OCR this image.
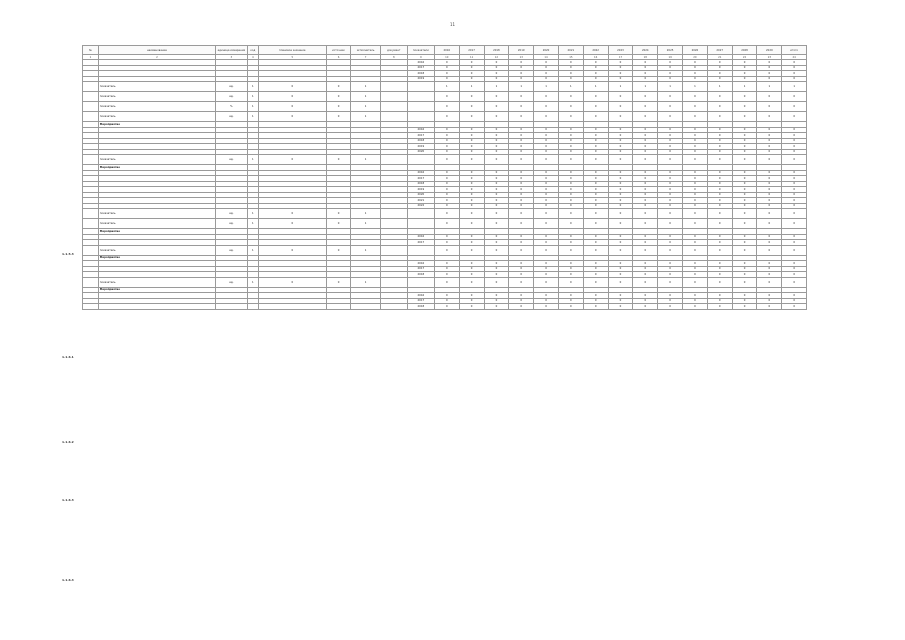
11
1.1.5.3
1.1.6.1
1.1.6.2
1.1.6.3
1.1.6.4
№	наименование	единица измерения	код	плановое значение	источник	исполнитель	документ	показатели	2016	2017	2018	2019	2020	2021	2022	2023	2024	2025	2026	2027	2028	2029	итого
1	2	3	4	5	6	7	8	9	10	11	12	13	14	15	16	17	18	19	20	21	22	23	24
								2016	0	0	0	0	0	0	0	0	0	0	0	0	0	0	0
								2017	0	0	0	0	0	0	0	0	0	0	0	0	0	0	0
								2018	0	0	0	0	0	0	0	0	0	0	0	0	0	0	0
								2019	0	0	0	0	0	0	0	0	0	0	0	0	0	0	0
	показатель	ед.	1	0	0	1			1	1	1	1	1	1	1	1	1	1	1	1	1	1	1
	показатель	ед.	1	0	0	1			0	0	0	0	0	0	0	0	0	0	0	0	0	0	0
	показатель	%	1	0	0	1			0	0	0	0	0	0	0	0	0	0	0	0	0	0	0
	показатель	ед.	1	0	0	1			0	0	0	0	0	0	0	0	0	0	0	0	0	0	0
	Мероприятие																						
								2016	0	0	0	0	0	0	0	0	0	0	0	0	0	0	0
								2017	0	0	0	0	0	0	0	0	0	0	0	0	0	0	0
								2018	0	0	0	0	0	0	0	0	0	0	0	0	0	0	0
								2019	0	0	0	0	0	0	0	0	0	0	0	0	0	0	0
								2020	0	0	0	0	0	0	0	0	0	0	0	0	0	0	0
	показатель	ед.	1	0	0	1			0	0	0	0	0	0	0	0	0	0	0	0	0	0	0
	Мероприятие																						
								2016	0	0	0	0	0	0	0	0	0	0	0	0	0	0	0
								2017	0	0	0	0	0	0	0	0	0	0	0	0	0	0	0
								2018	0	0	0	0	0	0	0	0	0	0	0	0	0	0	0
								2019	0	0	0	0	0	0	0	0	0	0	0	0	0	0	0
								2020	0	0	0	0	0	0	0	0	0	0	0	0	0	0	0
								2021	0	0	0	0	0	0	0	0	0	0	0	0	0	0	0
								2022	0	0	0	0	0	0	0	0	0	0	0	0	0	0	0
	показатель	ед.	1	0	0	1			0	0	0	0	0	0	0	0	0	0	0	0	0	0	0
	показатель	ед.	1	0	0	1			0	0	0	0	0	0	0	0	0	0	0	0	0	0	0
	Мероприятие																						
								2016	0	0	0	0	0	0	0	0	0	0	0	0	0	0	0
								2017	0	0	0	0	0	0	0	0	0	0	0	0	0	0	0
	показатель	ед.	1	0	0	1			0	0	0	0	0	0	0	0	0	0	0	0	0	0	0
	Мероприятие																						
								2016	0	0	0	0	0	0	0	0	0	0	0	0	0	0	0
								2017	0	0	0	0	0	0	0	0	0	0	0	0	0	0	0
								2018	0	0	0	0	0	0	0	0	0	0	0	0	0	0	0
	показатель	ед.	1	0	0	1			0	0	0	0	0	0	0	0	0	0	0	0	0	0	0
	Мероприятие																						
								2016	0	0	0	0	0	0	0	0	0	0	0	0	0	0	0
								2017	0	0	0	0	0	0	0	0	0	0	0	0	0	0	0
								2018	0	0	0	0	0	0	0	0	0	0	0	0	0	0	0
